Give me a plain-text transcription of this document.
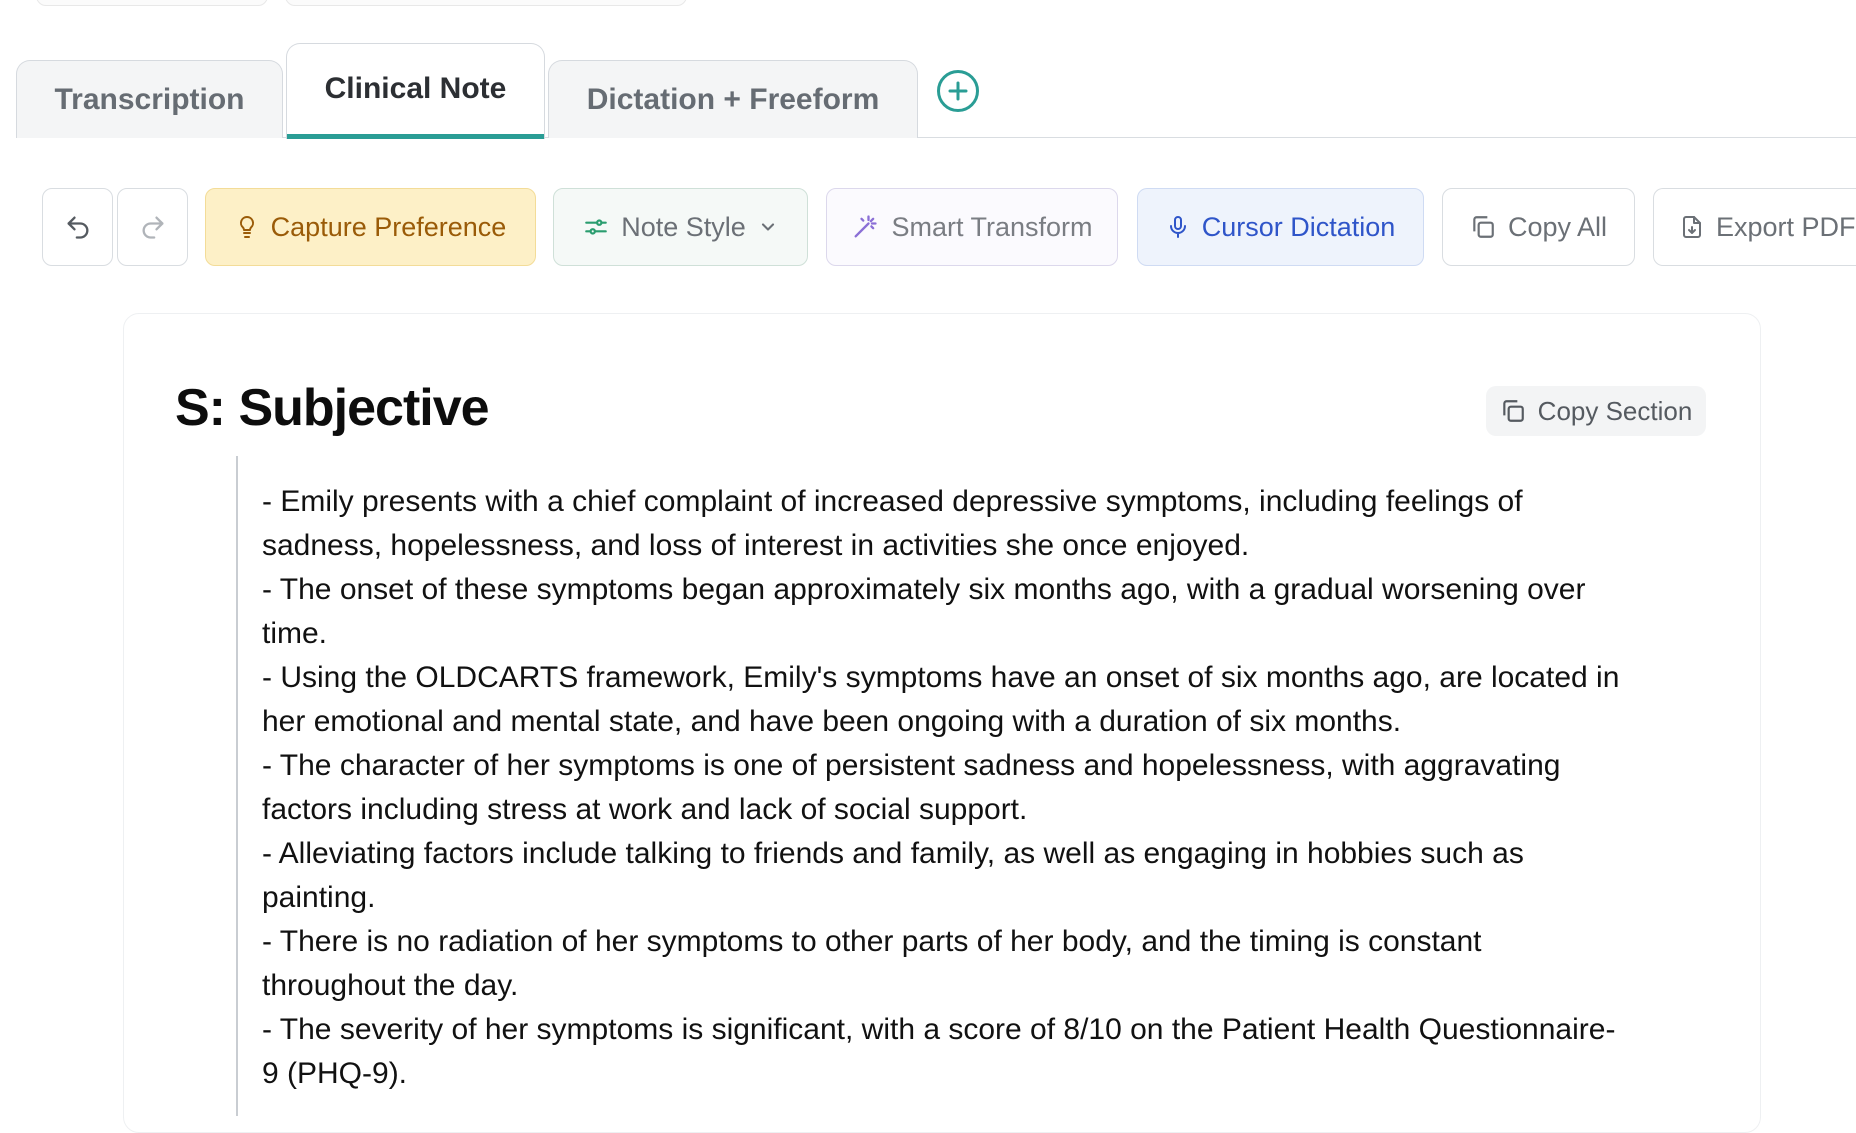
Transcription	Clinical Note	Dictation + Freeform
Capture Preference	Note Style	Smart Transform	Cursor Dictation	Copy All	Export PDF
S: Subjective	Copy Section

- Emily presents with a chief complaint of increased depressive symptoms, including feelings of

sadness, hopelessness, and loss of interest in activities she once enjoyed.

- The onset of these symptoms began approximately six months ago, with a gradual worsening over

time.

- Using the OLDCARTS framework, Emily's symptoms have an onset of six months ago, are located in

her emotional and mental state, and have been ongoing with a duration of six months.

- The character of her symptoms is one of persistent sadness and hopelessness, with aggravating

factors including stress at work and lack of social support.

- Alleviating factors include talking to friends and family, as well as engaging in hobbies such as

painting.

- There is no radiation of her symptoms to other parts of her body, and the timing is constant

throughout the day.

- The severity of her symptoms is significant, with a score of 8/10 on the Patient Health Questionnaire-

9 (PHQ-9).
